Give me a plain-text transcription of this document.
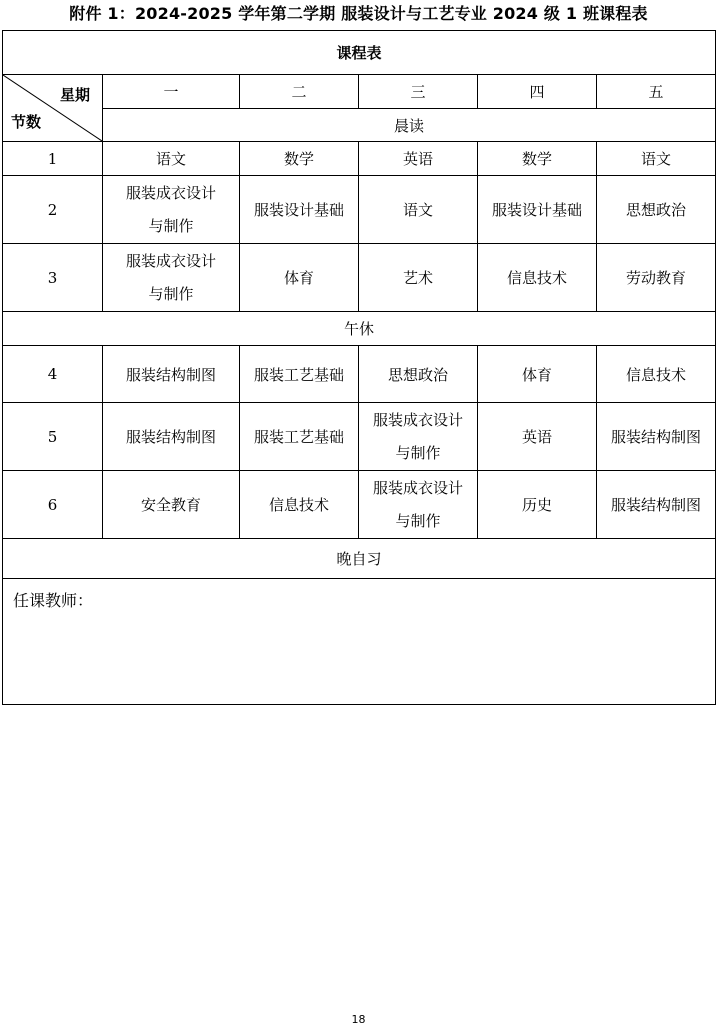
附件 1：2024-2025 学年第二学期 服装设计与工艺专业 2024 级 1 班课程表
课程表					

星期
节数	一	二	三	四	五
	晨读				
1	语文	数学	英语	数学	语文
2	服装成衣设计
与制作	服装设计基础	语文	服装设计基础	思想政治
3	服装成衣设计
与制作	体育	艺术	信息技术	劳动教育
午休					
4	服装结构制图	服装工艺基础	思想政治	体育	信息技术
5	服装结构制图	服装工艺基础	服装成衣设计
与制作	英语	服装结构制图
6	安全教育	信息技术	服装成衣设计
与制作	历史	服装结构制图
晚自习					
任课教师：					
18
